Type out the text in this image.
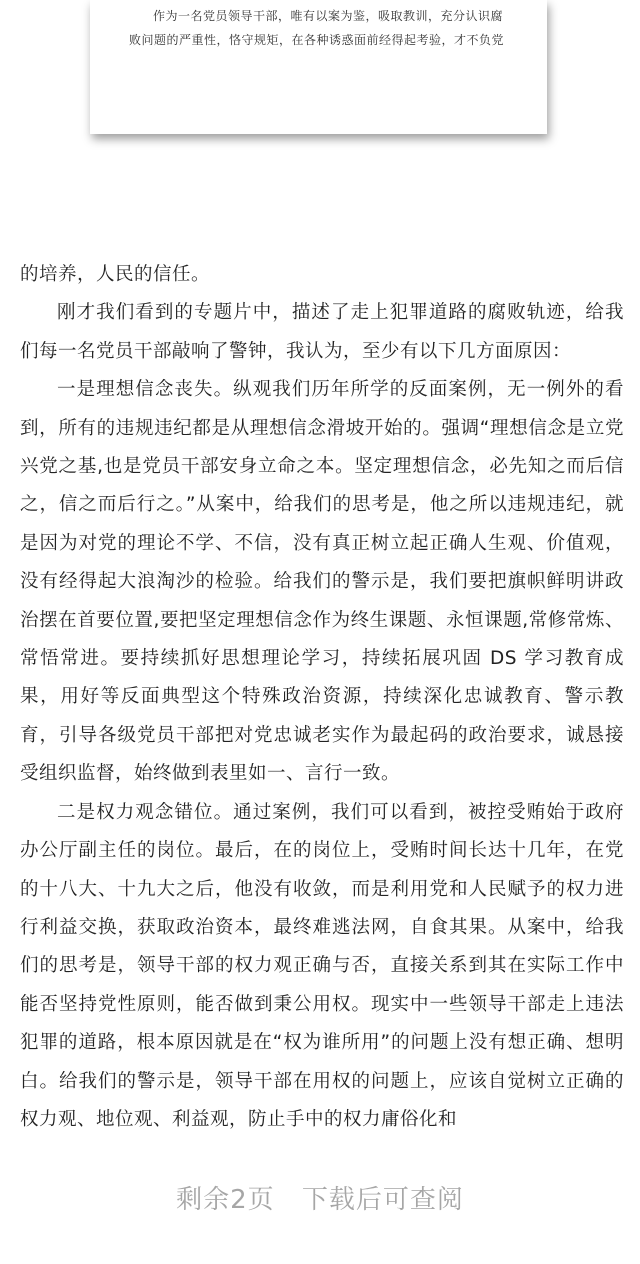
作为一名党员领导干部，唯有以案为鉴，吸取教训，充分认识腐

败问题的严重性，恪守规矩，在各种诱惑面前经得起考验，才不负党

的培养，人民的信任。

刚才我们看到的专题片中，描述了走上犯罪道路的腐败轨迹，给我们每一名党员干部敲响了警钟，我认为，至少有以下几方面原因：

一是理想信念丧失。纵观我们历年所学的反面案例，无一例外的看到，所有的违规违纪都是从理想信念滑坡开始的。强调“理想信念是立党兴党之基,也是党员干部安身立命之本。坚定理想信念，必先知之而后信之，信之而后行之。”从案中，给我们的思考是，他之所以违规违纪，就是因为对党的理论不学、不信，没有真正树立起正确人生观、价值观，没有经得起大浪淘沙的检验。给我们的警示是，我们要把旗帜鲜明讲政治摆在首要位置,要把坚定理想信念作为终生课题、永恒课题,常修常炼、常悟常进。要持续抓好思想理论学习，持续拓展巩固 DS 学习教育成果，用好等反面典型这个特殊政治资源，持续深化忠诚教育、警示教育，引导各级党员干部把对党忠诚老实作为最起码的政治要求，诚恳接受组织监督，始终做到表里如一、言行一致。

二是权力观念错位。通过案例，我们可以看到，被控受贿始于政府办公厅副主任的岗位。最后，在的岗位上，受贿时间长达十几年，在党的十八大、十九大之后，他没有收敛，而是利用党和人民赋予的权力进行利益交换，获取政治资本，最终难逃法网，自食其果。从案中，给我们的思考是，领导干部的权力观正确与否，直接关系到其在实际工作中能否坚持党性原则，能否做到秉公用权。现实中一些领导干部走上违法犯罪的道路，根本原因就是在“权为谁所用”的问题上没有想正确、想明白。给我们的警示是，领导干部在用权的问题上，应该自觉树立正确的权力观、地位观、利益观，防止手中的权力庸俗化和

剩余2页 下载后可查阅
